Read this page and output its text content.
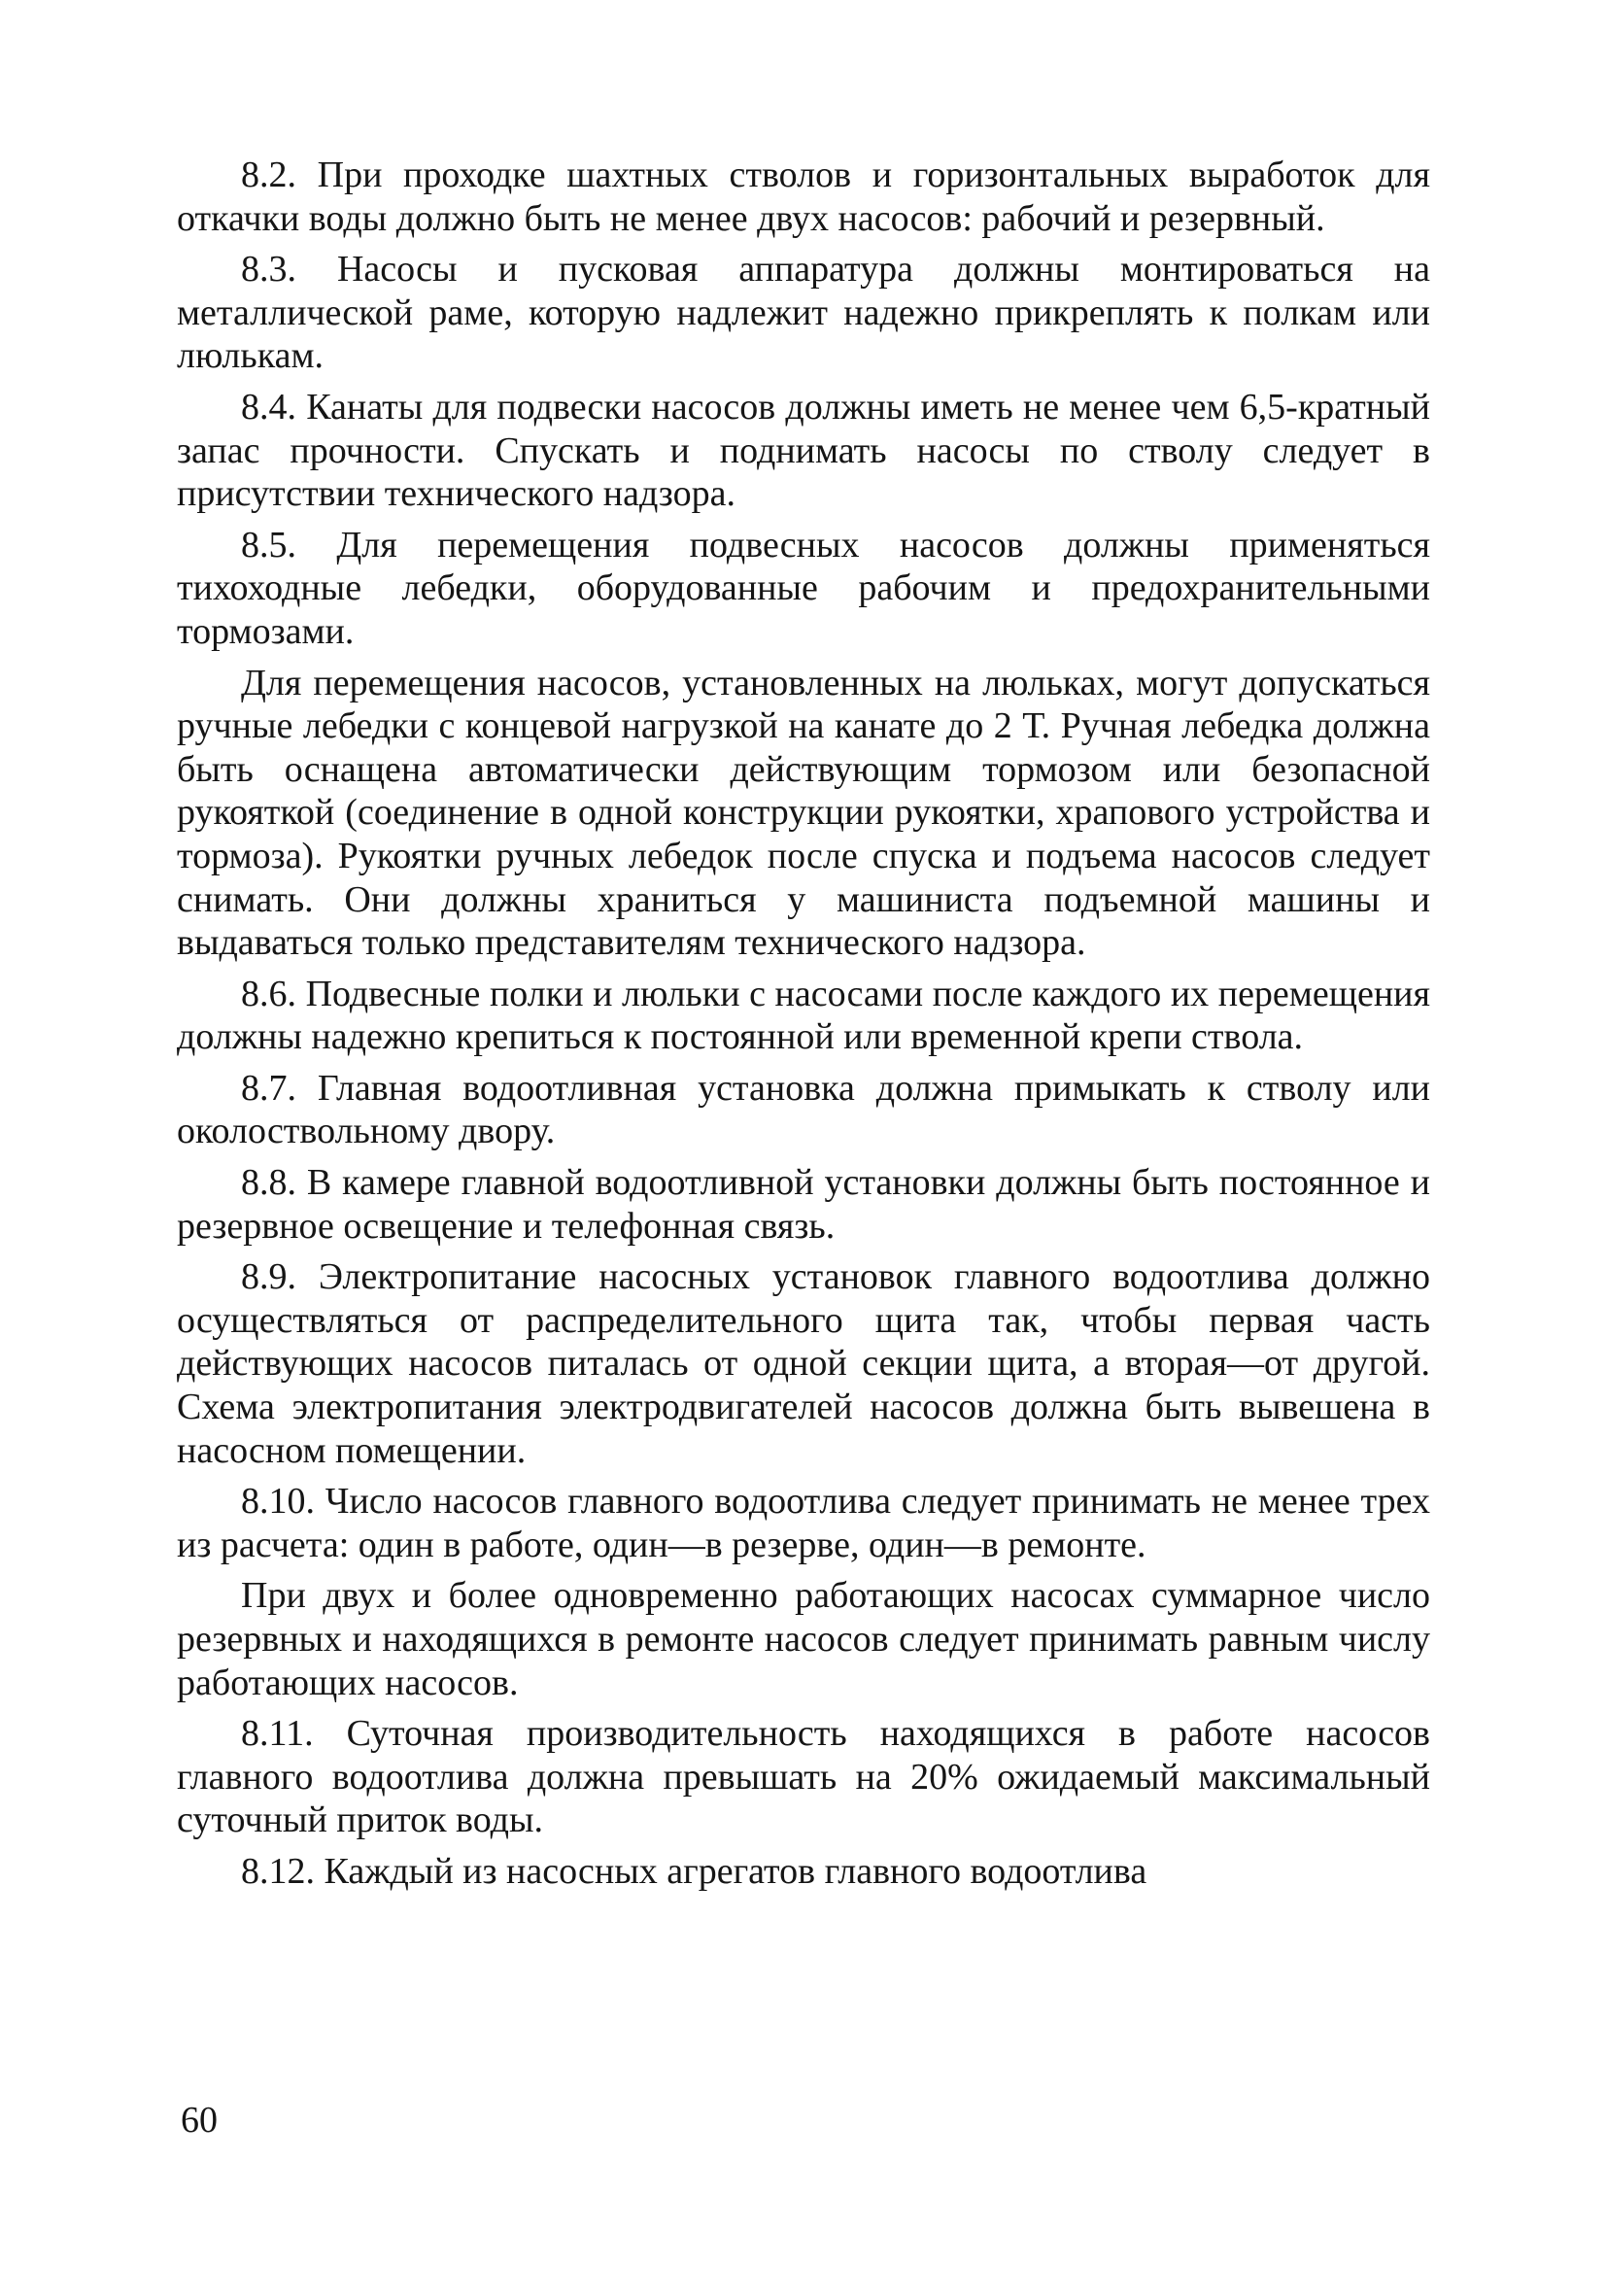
8.2. При проходке шахтных стволов и горизонтальных выработок для откачки воды должно быть не менее двух насосов: рабочий и резервный.

8.3. Насосы и пусковая аппаратура должны монтироваться на металлической раме, которую надлежит надежно прикреплять к полкам или люлькам.

8.4. Канаты для подвески насосов должны иметь не менее чем 6,5-кратный запас прочности. Спускать и поднимать насосы по стволу следует в присутствии технического надзора.

8.5. Для перемещения подвесных насосов должны применяться тихоходные лебедки, оборудованные рабочим и предохранительными тормозами.

Для перемещения насосов, установленных на люльках, могут допускаться ручные лебедки с концевой нагрузкой на канате до 2 Т. Ручная лебедка должна быть оснащена автоматически действующим тормозом или безопасной рукояткой (соединение в одной конструкции рукоятки, храпового устройства и тормоза). Рукоятки ручных лебедок после спуска и подъема насосов следует снимать. Они должны храниться у машиниста подъемной машины и выдаваться только представителям технического надзора.

8.6. Подвесные полки и люльки с насосами после каждого их перемещения должны надежно крепиться к постоянной или временной крепи ствола.

8.7. Главная водоотливная установка должна примыкать к стволу или околоствольному двору.

8.8. В камере главной водоотливной установки должны быть постоянное и резервное освещение и телефонная связь.

8.9. Электропитание насосных установок главного водоотлива должно осуществляться от распределительного щита так, чтобы первая часть действующих насосов питалась от одной секции щита, а вторая—от другой. Схема электропитания электродвигателей насосов должна быть вывешена в насосном помещении.

8.10. Число насосов главного водоотлива следует принимать не менее трех из расчета: один в работе, один—в резерве, один—в ремонте.

При двух и более одновременно работающих насосах суммарное число резервных и находящихся в ремонте насосов следует принимать равным числу работающих насосов.

8.11. Суточная производительность находящихся в работе насосов главного водоотлива должна превышать на 20% ожидаемый максимальный суточный приток воды.

8.12. Каждый из насосных агрегатов главного водоотлива

60
